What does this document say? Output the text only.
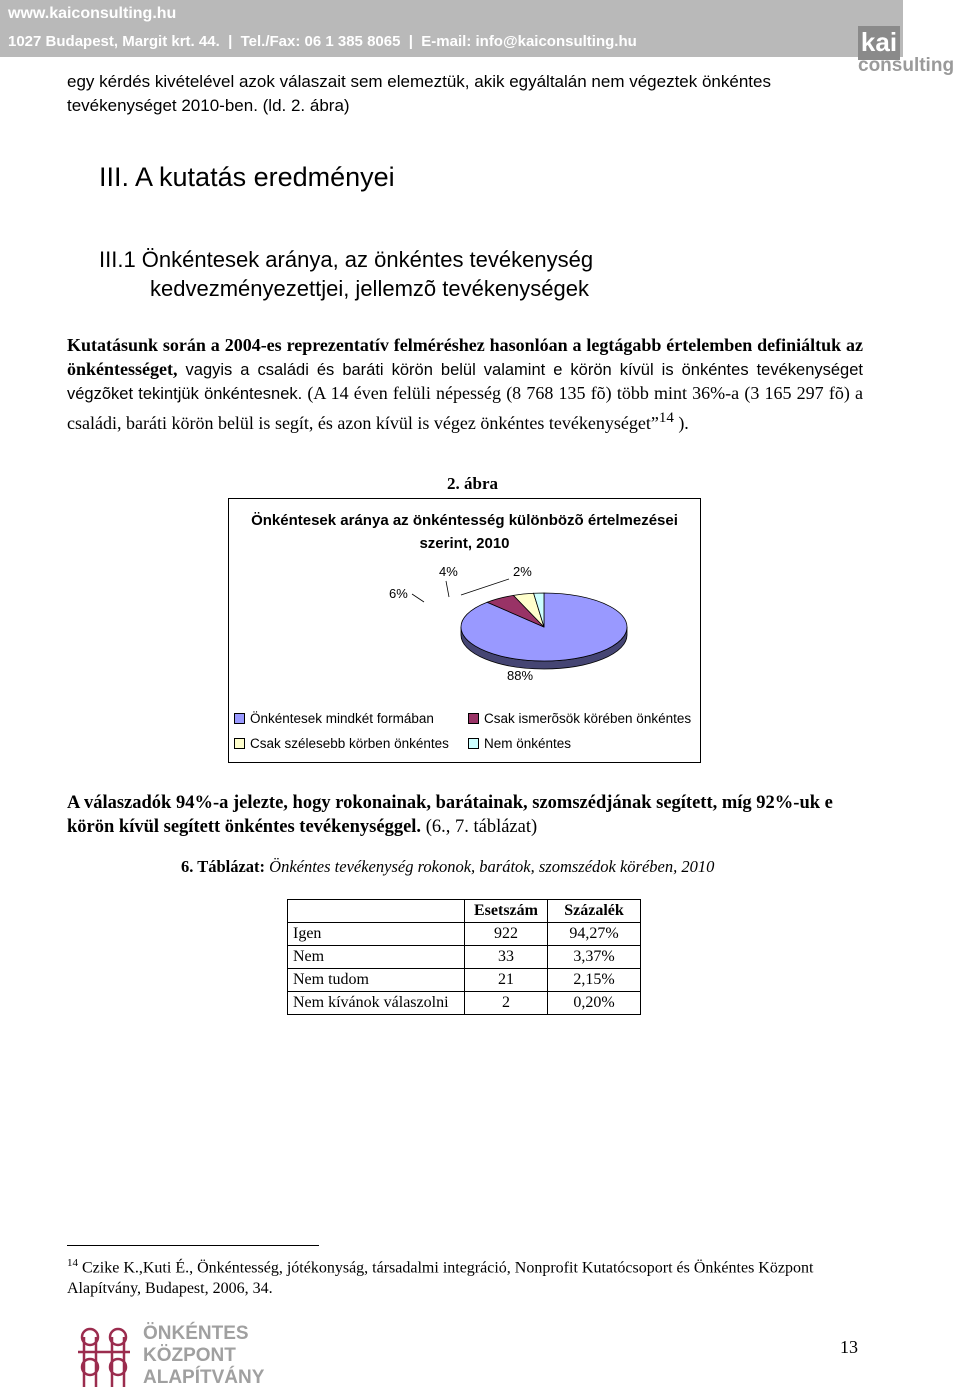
www.kaiconsulting.hu
1027 Budapest, Margit krt. 44.  |  Tel./Fax: 06 1 385 8065  |  E-mail: info@kaiconsulting.hu	kai
consulting
egy kérdés kivételével azok válaszait sem elemeztük, akik egyáltalán nem végeztek önkéntes tevékenységet 2010-ben. (ld. 2. ábra)
III. A kutatás eredményei
III.1 Önkéntesek aránya, az önkéntes tevékenység
kedvezményezettjei, jellemzõ tevékenységek
Kutatásunk során a 2004-es reprezentatív felméréshez hasonlóan a legtágabb értelemben definiáltuk az önkéntességet, vagyis a családi és baráti körön belül valamint e körön kívül is önkéntes tevékenységet végzõket tekintjük önkéntesnek. (A 14 éven felüli népesség (8 768 135 fõ) több mint 36%-a (3 165 297 fõ) a családi, baráti körön belül is segít, és azon kívül is végez önkéntes tevékenységet”$^{14}$ ).
2. ábra
Önkéntesek aránya az önkéntesség különbözõ értelmezései szerint, 2010
88%
6%
4%	2%
Önkéntesek mindkét formában	Csak ismerõsök körében önkéntes
Csak szélesebb körben önkéntes	Nem önkéntes
A válaszadók 94%-a jelezte, hogy rokonainak, barátainak, szomszédjának segített, míg 92%-uk e körön kívül segített önkéntes tevékenységgel. (6., 7. táblázat)
6. Táblázat: Önkéntes tevékenység rokonok, barátok, szomszédok körében, 2010
	Esetszám	Százalék
Igen	922	94,27%
Nem	33	3,37%
Nem tudom	21	2,15%
Nem kívánok válaszolni	2	0,20%
$^{14}$ Czike K.,Kuti É., Önkéntesség, jótékonyság, társadalmi integráció, Nonprofit Kutatócsoport és Önkéntes Központ Alapítvány, Budapest, 2006, 34.
ÖNKÉNTES
KÖZPONT
ALAPÍTVÁNY
13
